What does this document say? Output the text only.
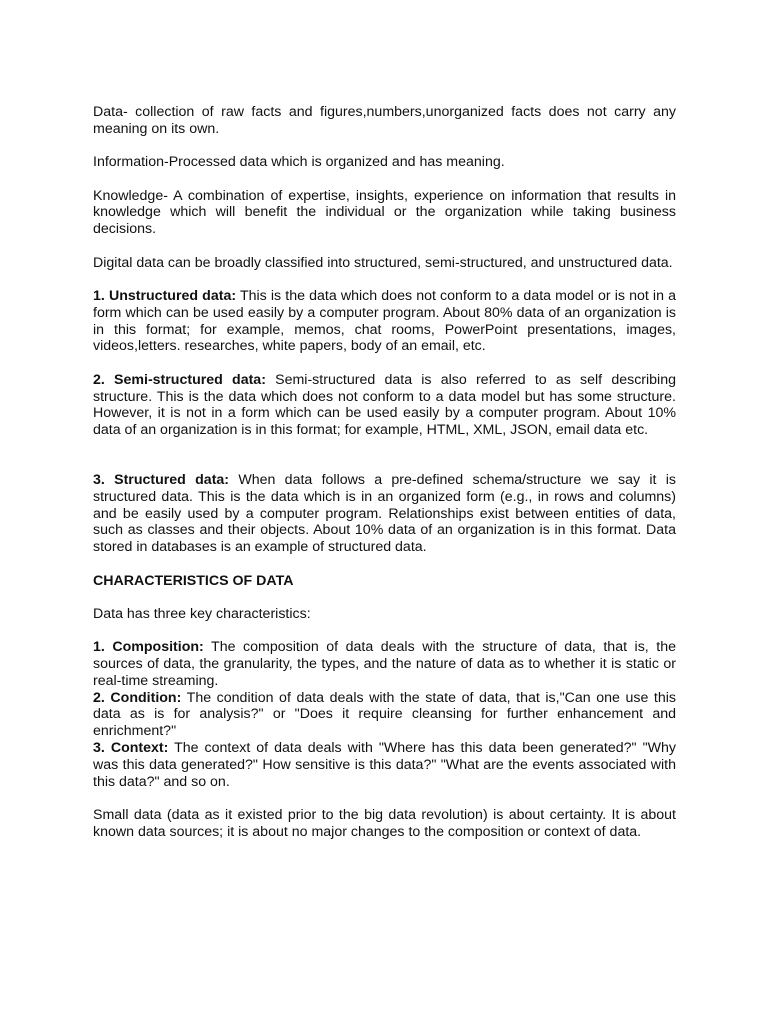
Data- collection of raw facts and figures,numbers,unorganized facts does not carry any meaning on its own.

Information-Processed data which is organized and has meaning.

Knowledge- A combination of expertise, insights, experience on information that results in knowledge which will benefit the individual or the organization while taking business decisions.

Digital data can be broadly classified into structured, semi-structured, and unstructured data.

1. Unstructured data: This is the data which does not conform to a data model or is not in a form which can be used easily by a computer program. About 80% data of an organization is in this format; for example, memos, chat rooms, PowerPoint presentations, images, videos,letters. researches, white papers, body of an email, etc.

2. Semi-structured data: Semi-structured data is also referred to as self describing structure. This is the data which does not conform to a data model but has some structure. However, it is not in a form which can be used easily by a computer program. About 10% data of an organization is in this format; for example, HTML, XML, JSON, email data etc.

3. Structured data: When data follows a pre-defined schema/structure we say it is structured data. This is the data which is in an organized form (e.g., in rows and columns) and be easily used by a computer program. Relationships exist between entities of data, such as classes and their objects. About 10% data of an organization is in this format. Data stored in databases is an example of structured data.

CHARACTERISTICS OF DATA

Data has three key characteristics:

1. Composition: The composition of data deals with the structure of data, that is, the sources of data, the granularity, the types, and the nature of data as to whether it is static or real-time streaming.

2. Condition: The condition of data deals with the state of data, that is,"Can one use this data as is for analysis?" or "Does it require cleansing for further enhancement and enrichment?"

3. Context: The context of data deals with "Where has this data been generated?" "Why was this data generated?" How sensitive is this data?" "What are the events associated with this data?" and so on.

Small data (data as it existed prior to the big data revolution) is about certainty. It is about known data sources; it is about no major changes to the composition or context of data.
